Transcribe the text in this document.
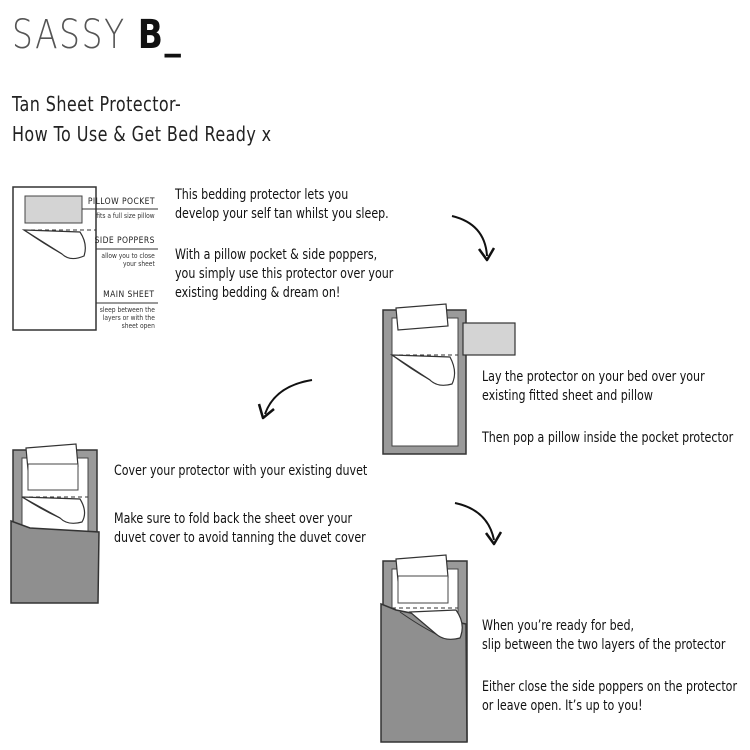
SASSY B_
Tan Sheet Protector-
How To Use & Get Bed Ready x
PILLOW POCKET
fits a full size pillow
SIDE POPPERS
allow you to close
your sheet
MAIN SHEET
sleep between the
layers or with the
sheet open
This bedding protector lets you
develop your self tan whilst you sleep.
With a pillow pocket & side poppers,
you simply use this protector over your
existing bedding & dream on!
Lay the protector on your bed over your
existing fitted sheet and pillow
Then pop a pillow inside the pocket protector
Cover your protector with your existing duvet
Make sure to fold back the sheet over your
duvet cover to avoid tanning the duvet cover
When you’re ready for bed,
slip between the two layers of the protector
Either close the side poppers on the protector
or leave open. It’s up to you!
